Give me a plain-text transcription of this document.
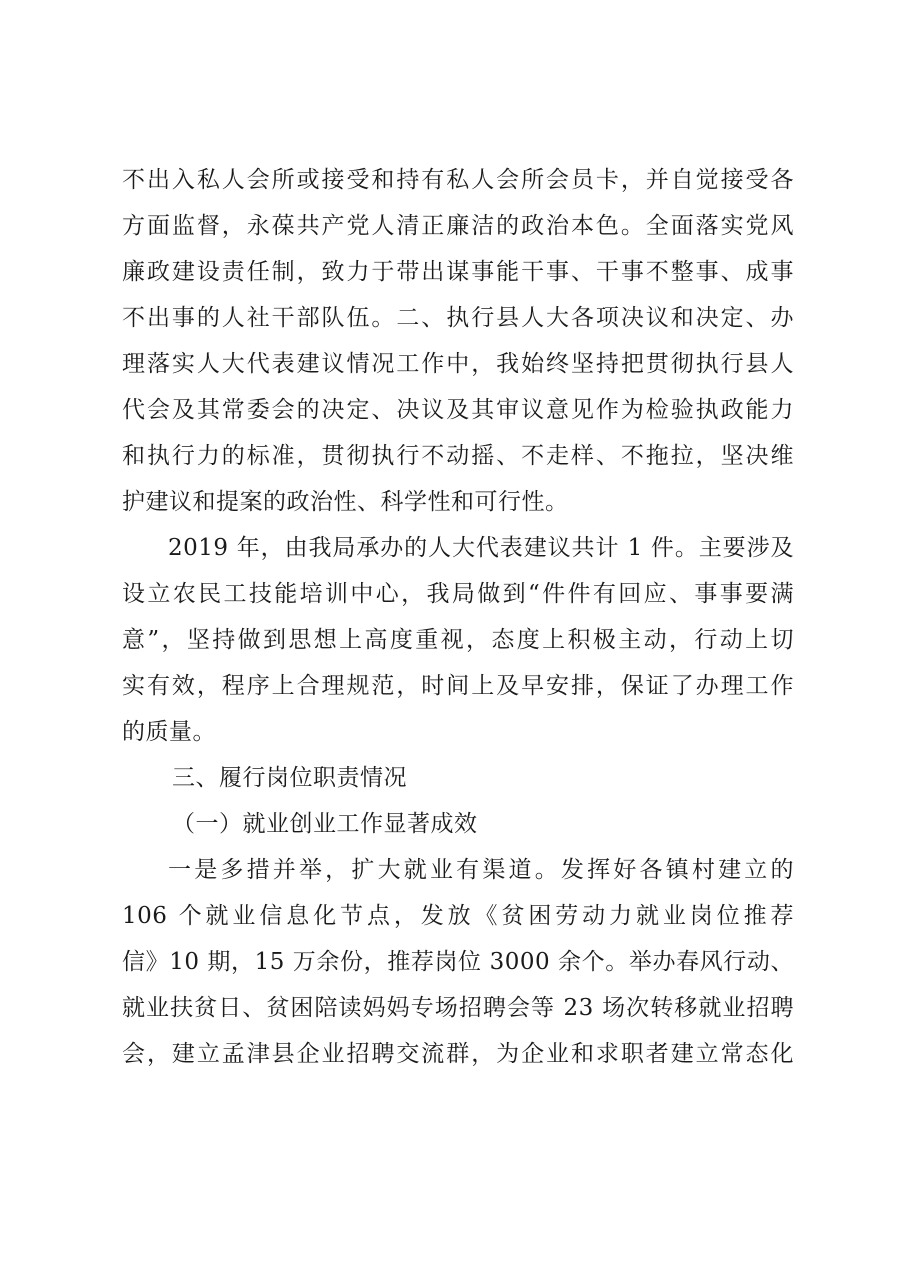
不出入私人会所或接受和持有私人会所会员卡，并自觉接受各
方面监督，永葆共产党人清正廉洁的政治本色。全面落实党风
廉政建设责任制，致力于带出谋事能干事、干事不整事、成事
不出事的人社干部队伍。二、执行县人大各项决议和决定、办
理落实人大代表建议情况工作中，我始终坚持把贯彻执行县人
代会及其常委会的决定、决议及其审议意见作为检验执政能力
和执行力的标准，贯彻执行不动摇、不走样、不拖拉，坚决维
护建议和提案的政治性、科学性和可行性。
2019 年，由我局承办的人大代表建议共计 1 件。主要涉及
设立农民工技能培训中心，我局做到“件件有回应、事事要满
意”，坚持做到思想上高度重视，态度上积极主动，行动上切
实有效，程序上合理规范，时间上及早安排，保证了办理工作
的质量。
三、履行岗位职责情况
（一）就业创业工作显著成效
一是多措并举，扩大就业有渠道。发挥好各镇村建立的
106 个就业信息化节点，发放《贫困劳动力就业岗位推荐
信》10 期，15 万余份，推荐岗位 3000 余个。举办春风行动、
就业扶贫日、贫困陪读妈妈专场招聘会等 23 场次转移就业招聘
会，建立孟津县企业招聘交流群，为企业和求职者建立常态化
